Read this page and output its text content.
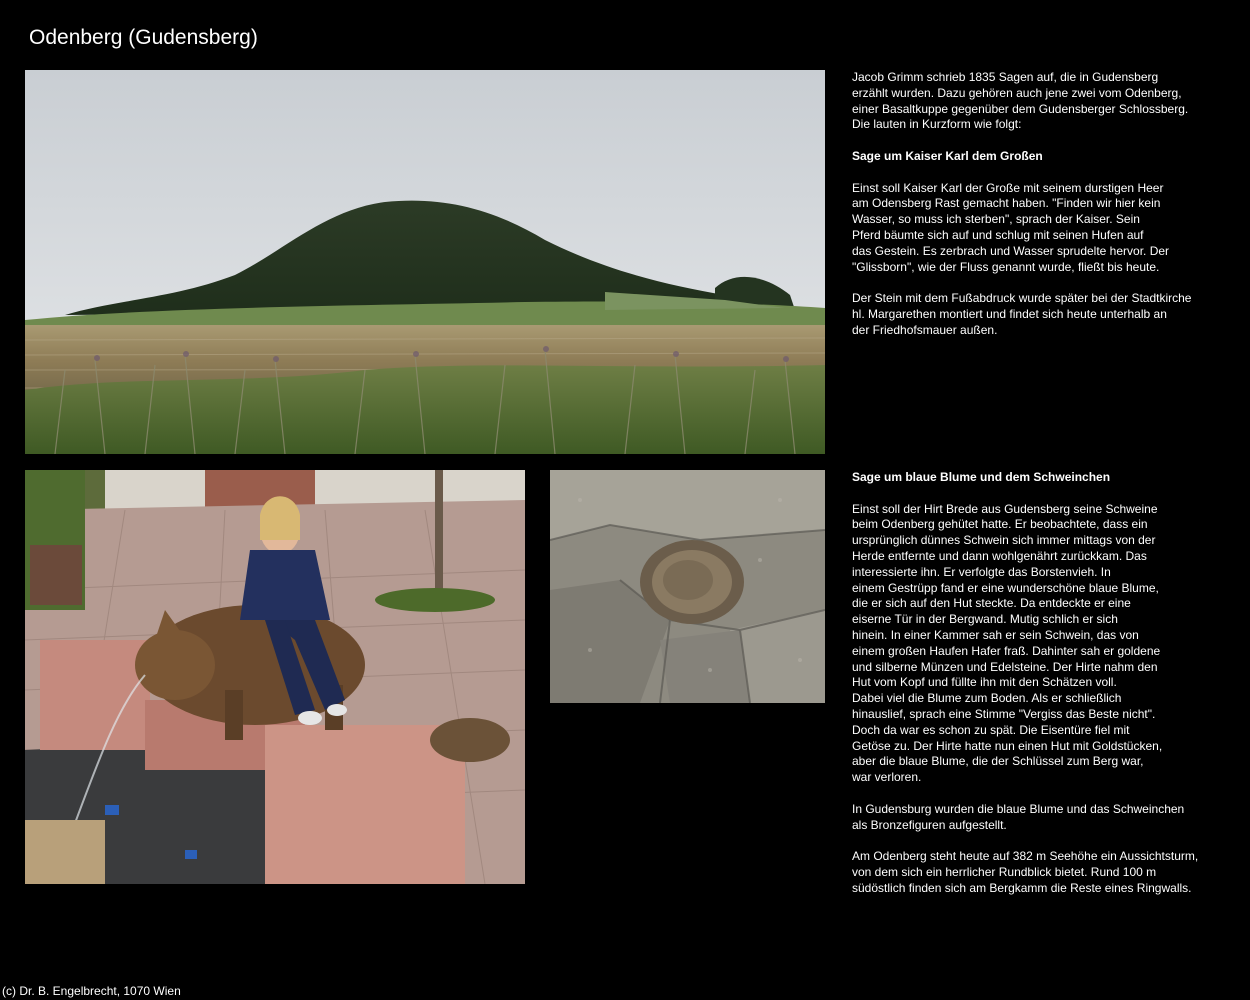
Odenberg (Gudensberg)

Jacob Grimm schrieb 1835 Sagen auf, die in Gudensberg
erzählt wurden. Dazu gehören auch jene zwei vom Odenberg,
einer Basaltkuppe gegenüber dem Gudensberger Schlossberg.
Die lauten in Kurzform wie folgt:

Sage um Kaiser Karl dem Großen

Einst soll Kaiser Karl der Große mit seinem durstigen Heer
am Odensberg Rast gemacht haben. "Finden wir hier kein
Wasser, so muss ich sterben", sprach der Kaiser. Sein
Pferd bäumte sich auf und schlug mit seinen Hufen auf
das Gestein. Es zerbrach und Wasser sprudelte hervor. Der
"Glissborn", wie der Fluss genannt wurde, fließt bis heute.

Der Stein mit dem Fußabdruck wurde später bei der Stadtkirche
hl. Margarethen montiert und findet sich heute unterhalb an
der Friedhofsmauer außen.

Sage um blaue Blume und dem Schweinchen

Einst soll der Hirt Brede aus Gudensberg seine Schweine
beim Odenberg gehütet hatte. Er beobachtete, dass ein
ursprünglich dünnes Schwein sich immer mittags von der
Herde entfernte und dann wohlgenährt zurückkam. Das
interessierte ihn. Er verfolgte das Borstenvieh. In
einem Gestrüpp fand er eine wunderschöne blaue Blume,
die er sich auf den Hut steckte. Da entdeckte er eine
eiserne Tür in der Bergwand. Mutig schlich er sich
hinein. In einer Kammer sah er sein Schwein, das von
einem großen Haufen Hafer fraß. Dahinter sah er goldene
und silberne Münzen und Edelsteine. Der Hirte nahm den
Hut vom Kopf und füllte ihn mit den Schätzen voll.
Dabei viel die Blume zum Boden. Als er schließlich
hinauslief, sprach eine Stimme "Vergiss das Beste nicht".
Doch da war es schon zu spät. Die Eisentüre fiel mit
Getöse zu. Der Hirte hatte nun einen Hut mit Goldstücken,
aber die blaue Blume, die der Schlüssel zum Berg war,
war verloren.

In Gudensburg wurden die blaue Blume und das Schweinchen
als Bronzefiguren aufgestellt.

Am Odenberg steht heute auf 382 m Seehöhe ein Aussichtsturm,
von dem sich ein herrlicher Rundblick bietet. Rund 100 m
südöstlich finden sich am Bergkamm die Reste eines Ringwalls.

(c) Dr. B. Engelbrecht, 1070 Wien
